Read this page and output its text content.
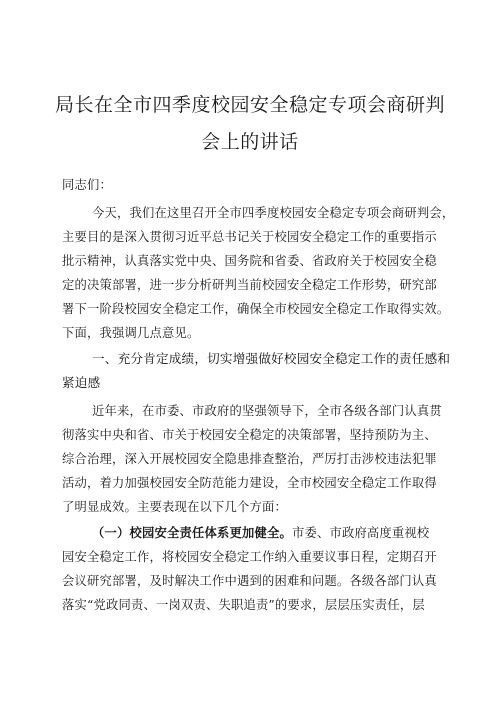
局长在全市四季度校园安全稳定专项会商研判
会上的讲话
同志们：
今天，我们在这里召开全市四季度校园安全稳定专项会商研判会，
主要目的是深入贯彻习近平总书记关于校园安全稳定工作的重要指示
批示精神，认真落实党中央、国务院和省委、省政府关于校园安全稳
定的决策部署，进一步分析研判当前校园安全稳定工作形势，研究部
署下一阶段校园安全稳定工作，确保全市校园安全稳定工作取得实效。
下面，我强调几点意见。
一、充分肯定成绩，切实增强做好校园安全稳定工作的责任感和
紧迫感
近年来，在市委、市政府的坚强领导下，全市各级各部门认真贯
彻落实中央和省、市关于校园安全稳定的决策部署，坚持预防为主、
综合治理，深入开展校园安全隐患排查整治，严厉打击涉校违法犯罪
活动，着力加强校园安全防范能力建设，全市校园安全稳定工作取得
了明显成效。主要表现在以下几个方面：
（一）校园安全责任体系更加健全。市委、市政府高度重视校
园安全稳定工作，将校园安全稳定工作纳入重要议事日程，定期召开
会议研究部署，及时解决工作中遇到的困难和问题。各级各部门认真
落实“党政同责、一岗双责、失职追责”的要求，层层压实责任，层
